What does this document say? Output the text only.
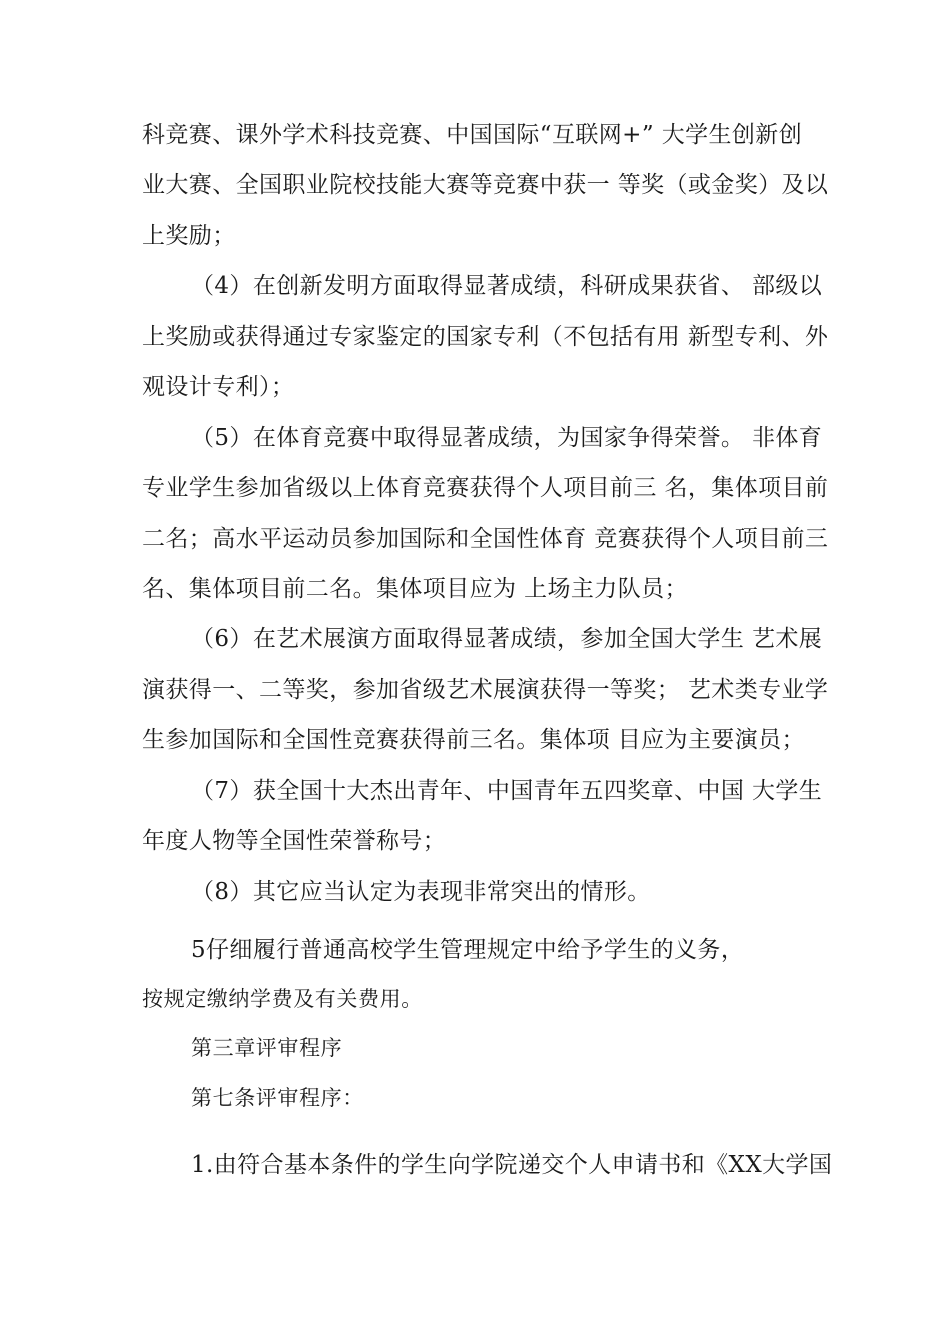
科竞赛、课外学术科技竞赛、中国国际“互联网+” 大学生创新创
业大赛、全国职业院校技能大赛等竞赛中获一 等奖（或金奖）及以
上奖励；
（4）在创新发明方面取得显著成绩，科研成果获省、 部级以
上奖励或获得通过专家鉴定的国家专利（不包括有用 新型专利、外
观设计专利）；
（5）在体育竞赛中取得显著成绩，为国家争得荣誉。 非体育
专业学生参加省级以上体育竞赛获得个人项目前三 名，集体项目前
二名；高水平运动员参加国际和全国性体育 竞赛获得个人项目前三
名、集体项目前二名。集体项目应为 上场主力队员；
（6）在艺术展演方面取得显著成绩，参加全国大学生 艺术展
演获得一、二等奖，参加省级艺术展演获得一等奖； 艺术类专业学
生参加国际和全国性竞赛获得前三名。集体项 目应为主要演员；
（7）获全国十大杰出青年、中国青年五四奖章、中国 大学生
年度人物等全国性荣誉称号；
（8）其它应当认定为表现非常突出的情形。
5仔细履行普通高校学生管理规定中给予学生的义务，
按规定缴纳学费及有关费用。
第三章评审程序
第七条评审程序：
1.由符合基本条件的学生向学院递交个人申请书和《XX大学国
